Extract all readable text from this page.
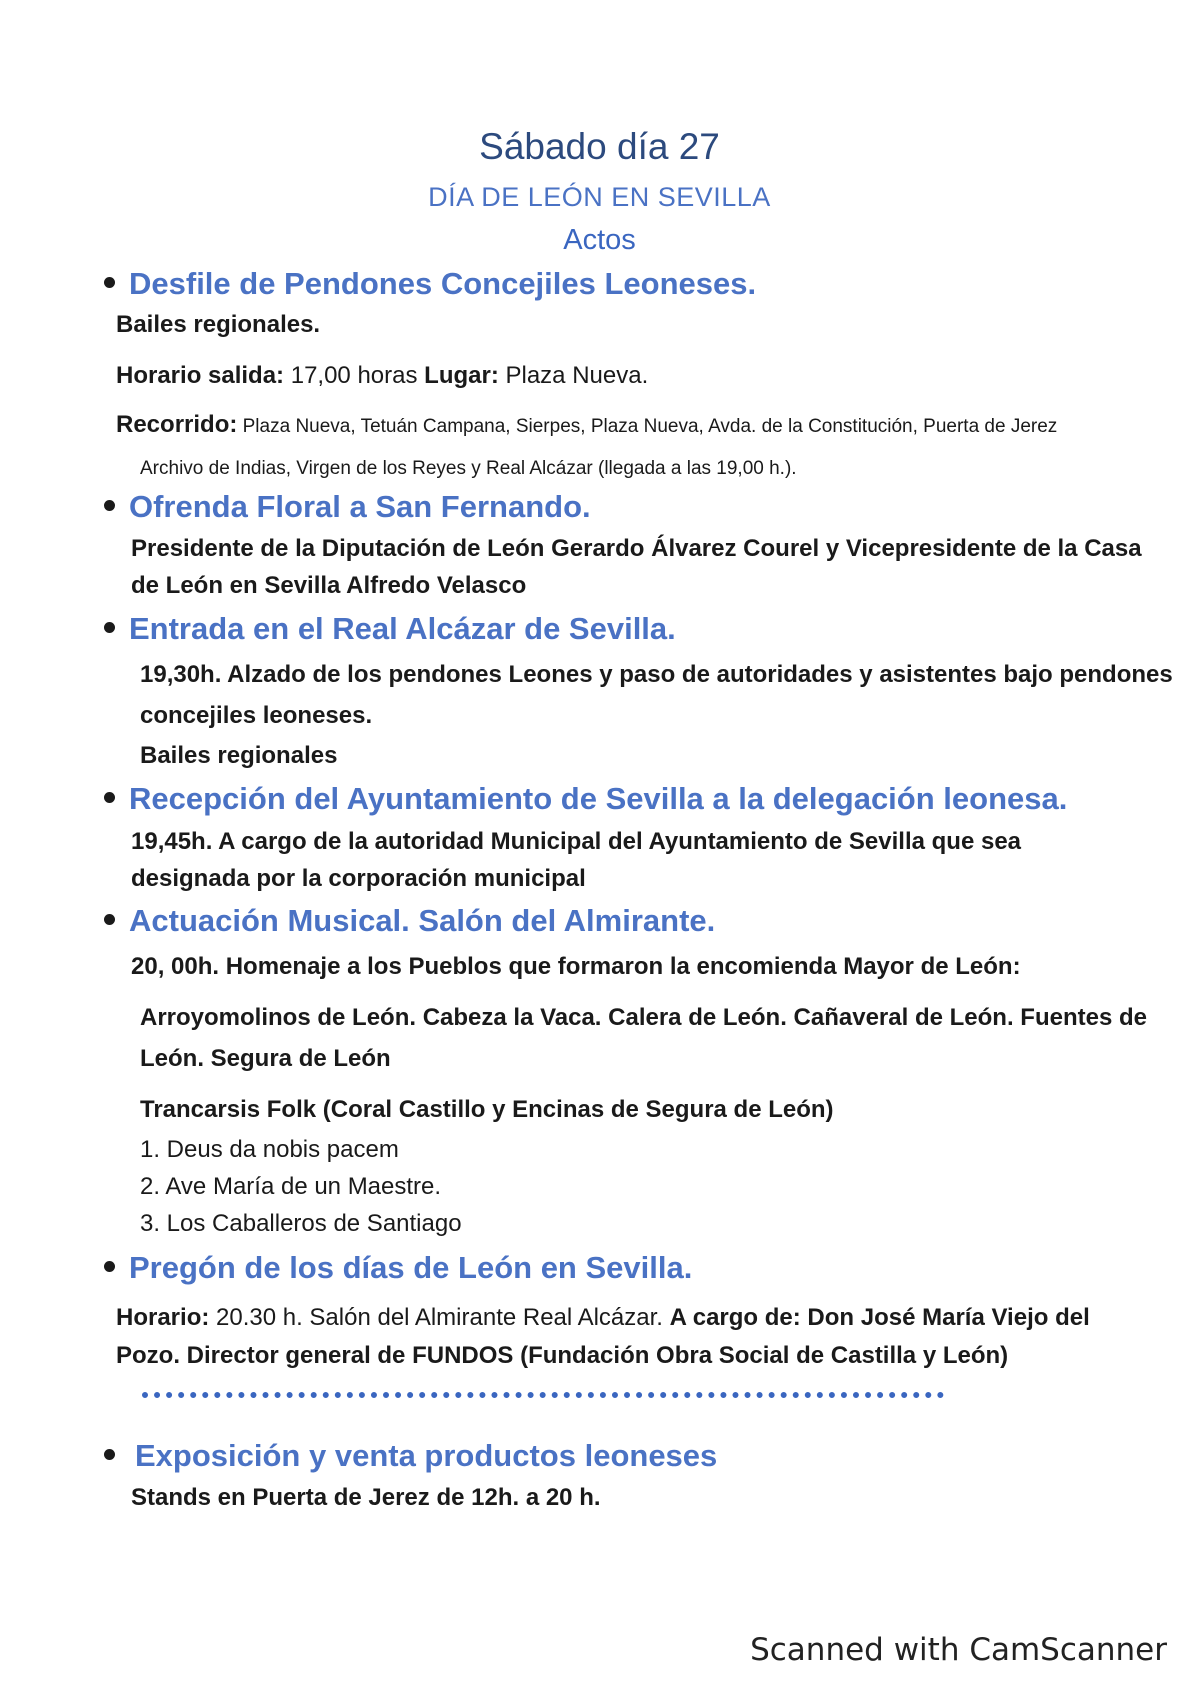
Sábado día 27
DÍA DE LEÓN EN SEVILLA
Actos
Desfile de Pendones Concejiles Leoneses.
Bailes regionales.
Horario salida: 17,00 horas Lugar: Plaza Nueva.
Recorrido: Plaza Nueva, Tetuán Campana, Sierpes, Plaza Nueva, Avda. de la Constitución, Puerta de Jerez
Archivo de Indias, Virgen de los Reyes y Real Alcázar (llegada a las 19,00 h.).
Ofrenda Floral a San Fernando.
Presidente de la Diputación de León Gerardo Álvarez Courel y Vicepresidente de la Casa
de León en Sevilla Alfredo Velasco
Entrada en el Real Alcázar de Sevilla.
19,30h. Alzado de los pendones Leones y paso de autoridades y asistentes bajo pendones
concejiles leoneses.
Bailes regionales
Recepción del Ayuntamiento de Sevilla a la delegación leonesa.
19,45h. A cargo de la autoridad Municipal del Ayuntamiento de Sevilla que sea
designada por la corporación municipal
Actuación Musical. Salón del Almirante.
20, 00h. Homenaje a los Pueblos que formaron la encomienda Mayor de León:
Arroyomolinos de León. Cabeza la Vaca. Calera de León. Cañaveral de León. Fuentes de
León. Segura de León
Trancarsis Folk (Coral Castillo y Encinas de Segura de León)
1. Deus da nobis pacem
2. Ave María de un Maestre.
3. Los Caballeros de Santiago
Pregón de los días de León en Sevilla.
Horario: 20.30 h. Salón del Almirante Real Alcázar. A cargo de: Don José María Viejo del
Pozo. Director general de FUNDOS (Fundación Obra Social de Castilla y León)
Exposición y venta productos leoneses
Stands en Puerta de Jerez de 12h. a 20 h.
Scanned with CamScanner
